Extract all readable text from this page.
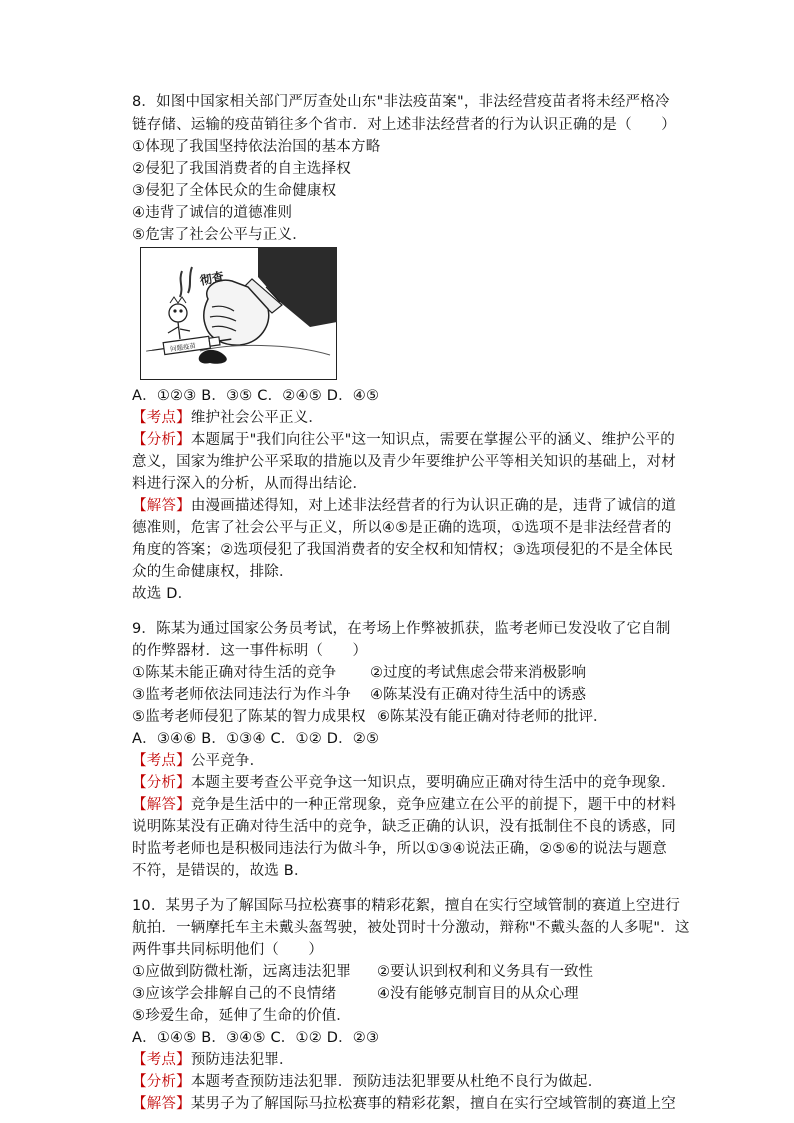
8．如图中国家相关部门严厉查处山东"非法疫苗案"，非法经营疫苗者将未经严格冷
链存储、运输的疫苗销往多个省市．对上述非法经营者的行为认识正确的是（　　）
①体现了我国坚持依法治国的基本方略
②侵犯了我国消费者的自主选择权
③侵犯了全体民众的生命健康权
④违背了诚信的道德准则
⑤危害了社会公平与正义．
彻查
问题疫苗
A．①②③ B．③⑤ C．②④⑤ D．④⑤
【考点】维护社会公平正义．
【分析】本题属于"我们向往公平"这一知识点，需要在掌握公平的涵义、维护公平的
意义，国家为维护公平采取的措施以及青少年要维护公平等相关知识的基础上，对材
料进行深入的分析，从而得出结论．
【解答】由漫画描述得知，对上述非法经营者的行为认识正确的是，违背了诚信的道
德准则，危害了社会公平与正义，所以④⑤是正确的选项，①选项不是非法经营者的
角度的答案；②选项侵犯了我国消费者的安全权和知情权；③选项侵犯的不是全体民
众的生命健康权，排除．
故选 D．
9．陈某为通过国家公务员考试，在考场上作弊被抓获，监考老师已发没收了它自制
的作弊器材．这一事件标明（　　）
①陈某未能正确对待生活的竞争 ②过度的考试焦虑会带来消极影响
③监考老师依法同违法行为作斗争 ④陈某没有正确对待生活中的诱惑
⑤监考老师侵犯了陈某的智力成果权 ⑥陈某没有能正确对待老师的批评．
A．③④⑥ B．①③④ C．①② D．②⑤
【考点】公平竞争．
【分析】本题主要考查公平竞争这一知识点，要明确应正确对待生活中的竞争现象．
【解答】竞争是生活中的一种正常现象，竞争应建立在公平的前提下，题干中的材料
说明陈某没有正确对待生活中的竞争，缺乏正确的认识，没有抵制住不良的诱惑，同
时监考老师也是积极同违法行为做斗争，所以①③④说法正确，②⑤⑥的说法与题意
不符，是错误的，故选 B．
10．某男子为了解国际马拉松赛事的精彩花絮，擅自在实行空域管制的赛道上空进行
航拍．一辆摩托车主未戴头盔驾驶，被处罚时十分激动，辩称"不戴头盔的人多呢"．这
两件事共同标明他们（　　）
①应做到防微杜渐，远离违法犯罪 ②要认识到权利和义务具有一致性
③应该学会排解自己的不良情绪	④没有能够克制盲目的从众心理
⑤珍爱生命，延伸了生命的价值．
A．①④⑤ B．③④⑤ C．①② D．②③
【考点】预防违法犯罪．
【分析】本题考查预防违法犯罪．预防违法犯罪要从杜绝不良行为做起．
【解答】某男子为了解国际马拉松赛事的精彩花絮，擅自在实行空域管制的赛道上空
